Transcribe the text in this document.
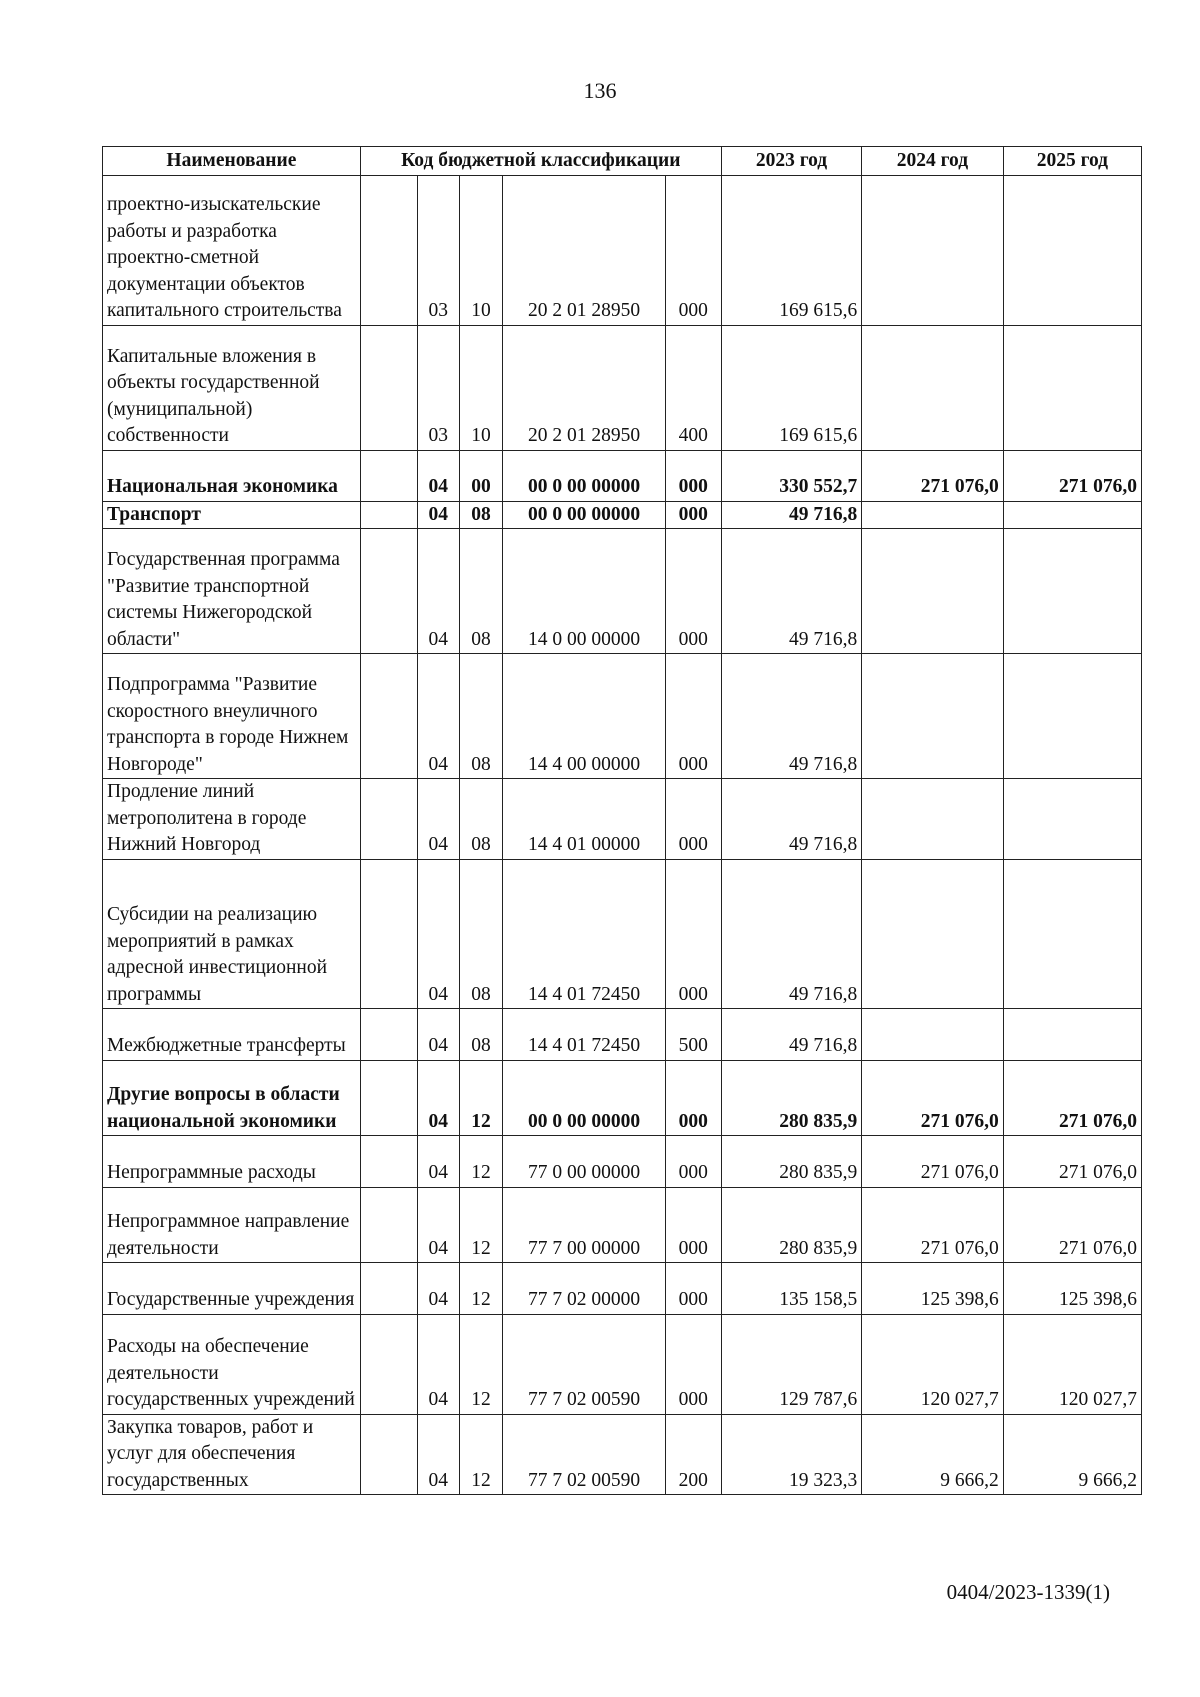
136
Наименование	Код бюджетной классификации					2023 год	2024 год	2025 год
проектно-изыскательские работы и разработка проектно-сметной документации объектов капитального строительства		03	10	20 2 01 28950	000	169 615,6		
Капитальные вложения в объекты государственной (муниципальной) собственности		03	10	20 2 01 28950	400	169 615,6		
Национальная экономика		04	00	00 0 00 00000	000	330 552,7	271 076,0	271 076,0
Транспорт		04	08	00 0 00 00000	000	49 716,8		
Государственная программа "Развитие транспортной системы Нижегородской области"		04	08	14 0 00 00000	000	49 716,8		
Подпрограмма "Развитие скоростного внеуличного транспорта в городе Нижнем Новгороде"		04	08	14 4 00 00000	000	49 716,8		
Продление линий метрополитена в городе Нижний Новгород		04	08	14 4 01 00000	000	49 716,8		
Субсидии на реализацию мероприятий в рамках адресной инвестиционной программы		04	08	14 4 01 72450	000	49 716,8		
Межбюджетные трансферты		04	08	14 4 01 72450	500	49 716,8		
Другие вопросы в области национальной экономики		04	12	00 0 00 00000	000	280 835,9	271 076,0	271 076,0
Непрограммные расходы		04	12	77 0 00 00000	000	280 835,9	271 076,0	271 076,0
Непрограммное направление деятельности		04	12	77 7 00 00000	000	280 835,9	271 076,0	271 076,0
Государственные учреждения		04	12	77 7 02 00000	000	135 158,5	125 398,6	125 398,6
Расходы на обеспечение деятельности государственных учреждений		04	12	77 7 02 00590	000	129 787,6	120 027,7	120 027,7
Закупка товаров, работ и услуг для обеспечения государственных		04	12	77 7 02 00590	200	19 323,3	9 666,2	9 666,2
0404/2023-1339(1)
